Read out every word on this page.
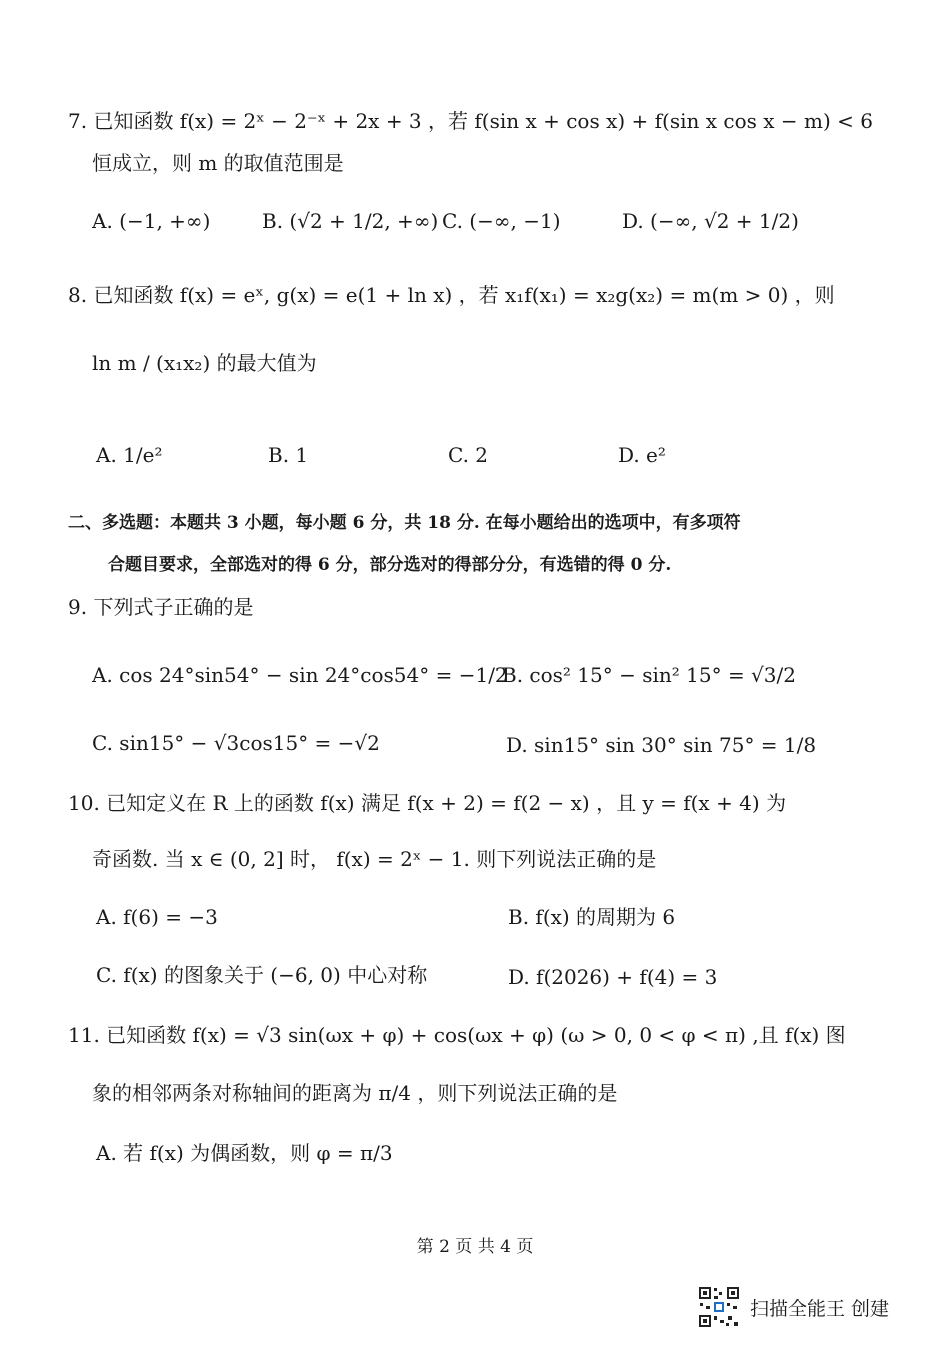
7. 已知函数 f(x) = 2ˣ − 2⁻ˣ + 2x + 3 ，若 f(sin x + cos x) + f(sin x cos x − m) < 6
恒成立，则 m 的取值范围是
A. (−1, +∞)	B. (√2 + 1/2, +∞) C. (−∞, −1)	D. (−∞, √2 + 1/2)
8. 已知函数 f(x) = eˣ, g(x) = e(1 + ln x) ，若 x₁f(x₁) = x₂g(x₂) = m(m > 0) ，则
ln m / (x₁x₂) 的最大值为
A. 1/e²	B. 1	C. 2	D. e²
二、多选题：本题共 3 小题，每小题 6 分，共 18 分. 在每小题给出的选项中，有多项符
合题目要求，全部选对的得 6 分，部分选对的得部分分，有选错的得 0 分.
9. 下列式子正确的是
A. cos 24°sin54° − sin 24°cos54° = −1/2
B. cos² 15° − sin² 15° = √3/2
C. sin15° − √3cos15° = −√2	D. sin15° sin 30° sin 75° = 1/8
10. 已知定义在 R 上的函数 f(x) 满足 f(x + 2) = f(2 − x) ，且 y = f(x + 4) 为
奇函数. 当 x ∈ (0, 2] 时， f(x) = 2ˣ − 1. 则下列说法正确的是
A. f(6) = −3	B. f(x) 的周期为 6
C. f(x) 的图象关于 (−6, 0) 中心对称	D. f(2026) + f(4) = 3
11. 已知函数 f(x) = √3 sin(ωx + φ) + cos(ωx + φ) (ω > 0, 0 < φ < π) ,且 f(x) 图
象的相邻两条对称轴间的距离为 π/4 ，则下列说法正确的是
A. 若 f(x) 为偶函数，则 φ = π/3
第 2 页 共 4 页
扫描全能王 创建
